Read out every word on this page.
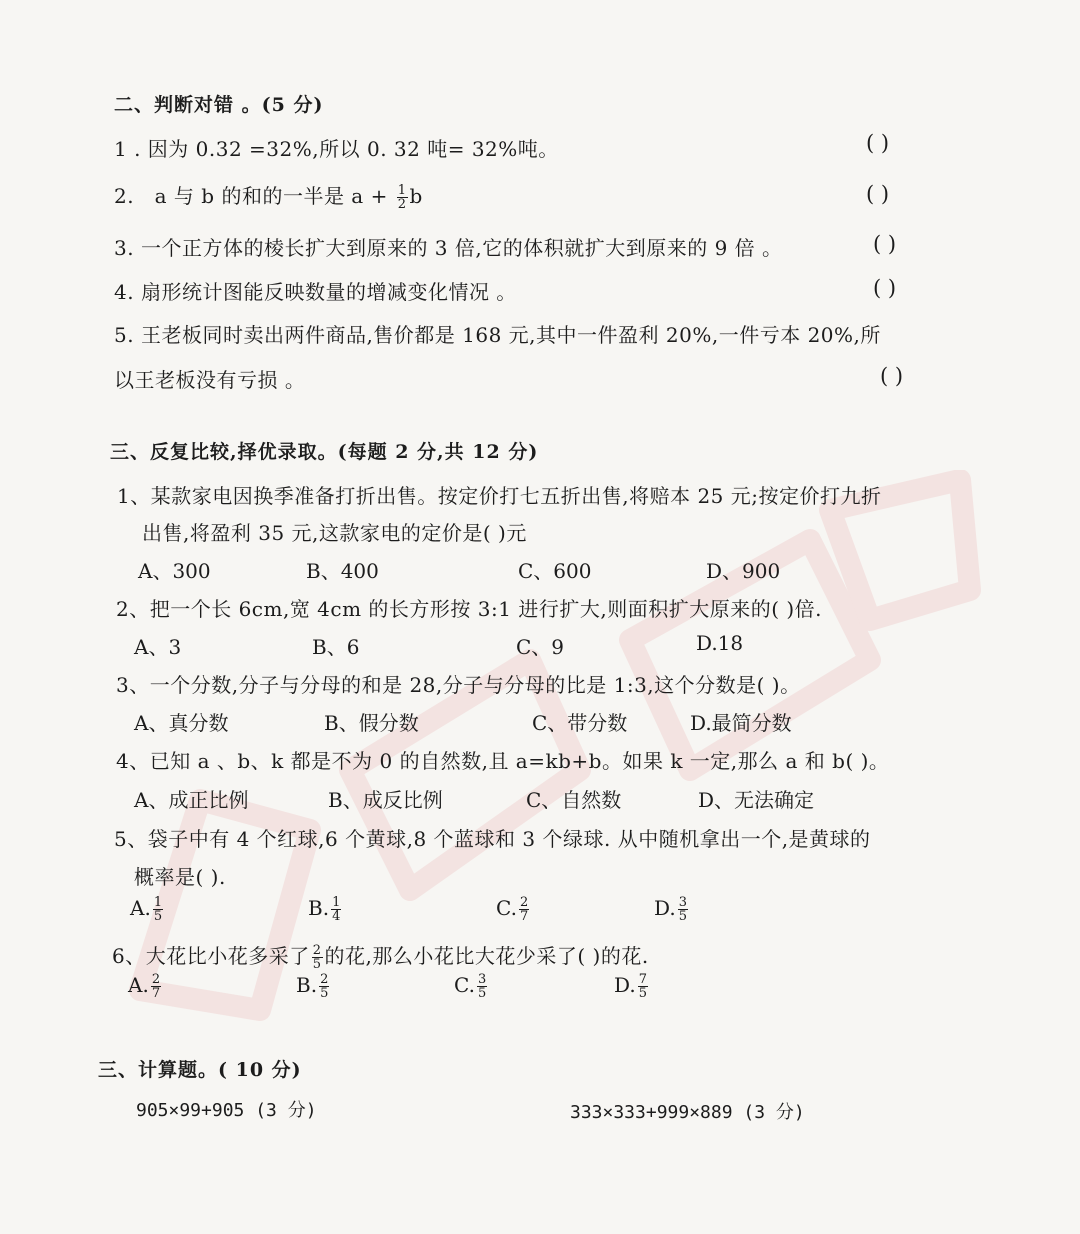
二、判断对错 。(5 分)
1 . 因为 0.32 =32%,所以 0. 32 吨= 32%吨。	( )
2.   a 与 b 的和的一半是 $a + \frac{1}{2}$ b	( )
3. 一个正方体的棱长扩大到原来的 3 倍,它的体积就扩大到原来的 9 倍 。	( )
4. 扇形统计图能反映数量的增减变化情况 。	( )
5. 王老板同时卖出两件商品,售价都是 168 元,其中一件盈利 20%,一件亏本 20%,所
以王老板没有亏损 。	( )
三、反复比较,择优录取。(每题 2 分,共 12 分)
1、某款家电因换季准备打折出售。按定价打七五折出售,将赔本 25 元;按定价打九折
出售,将盈利 35 元,这款家电的定价是( )元
A、300	B、400	C、600	D、900
2、把一个长 6cm,宽 4cm 的长方形按 3:1 进行扩大,则面积扩大原来的( )倍.
A、3	B、6	C、9	D.18
3、一个分数,分子与分母的和是 28,分子与分母的比是 1:3,这个分数是( )。
A、真分数	B、假分数	C、带分数	D.最简分数
4、已知 a 、b、k 都是不为 0 的自然数,且 a=kb+b。如果 k 一定,那么 a 和 b( )。
A、成正比例	B、成反比例	C、自然数	D、无法确定
5、袋子中有 4 个红球,6 个黄球,8 个蓝球和 3 个绿球. 从中随机拿出一个,是黄球的
概率是( ).
A. $\frac{1}{5}$	B. $\frac{1}{4}$	C. $\frac{2}{7}$	D. $\frac{3}{5}$
6、大花比小花多采了 $\frac{2}{5}$ 的花,那么小花比大花少采了( )的花.
A. $\frac{2}{7}$	B. $\frac{2}{5}$	C. $\frac{3}{5}$	D. $\frac{7}{5}$
三、计算题。( 10 分)
905×99+905 (3 分)	333×333+999×889 (3 分)
